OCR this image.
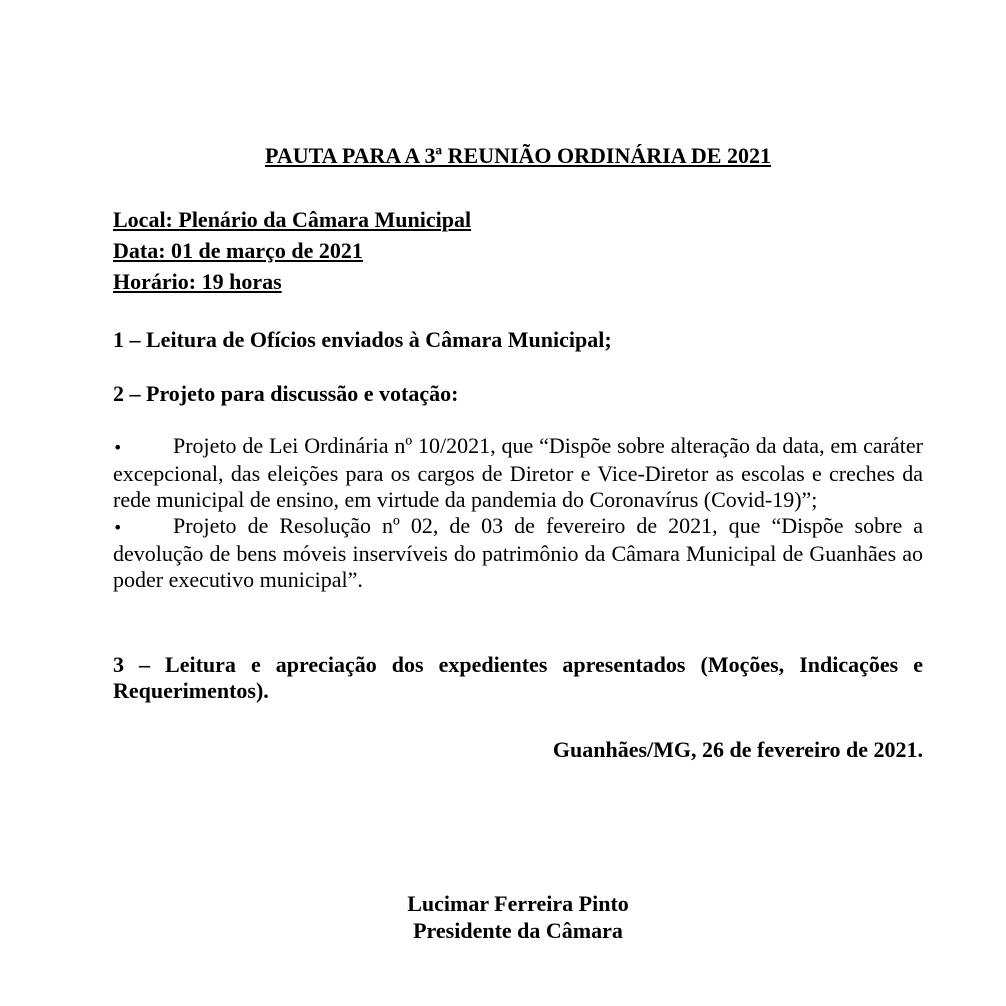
PAUTA PARA A 3ª REUNIÃO ORDINÁRIA DE 2021
Local: Plenário da Câmara Municipal
Data: 01 de março de 2021
Horário: 19 horas
1 – Leitura de Ofícios enviados à Câmara Municipal;
2 – Projeto para discussão e votação:
• Projeto de Lei Ordinária nº 10/2021, que “Dispõe sobre alteração da data, em caráter excepcional, das eleições para os cargos de Diretor e Vice-Diretor as escolas e creches da rede municipal de ensino, em virtude da pandemia do Coronavírus (Covid-19)”;
• Projeto de Resolução nº 02, de 03 de fevereiro de 2021, que “Dispõe sobre a devolução de bens móveis inservíveis do patrimônio da Câmara Municipal de Guanhães ao poder executivo municipal”.
3 – Leitura e apreciação dos expedientes apresentados (Moções, Indicações e Requerimentos).
Guanhães/MG, 26 de fevereiro de 2021.
Lucimar Ferreira Pinto
Presidente da Câmara
